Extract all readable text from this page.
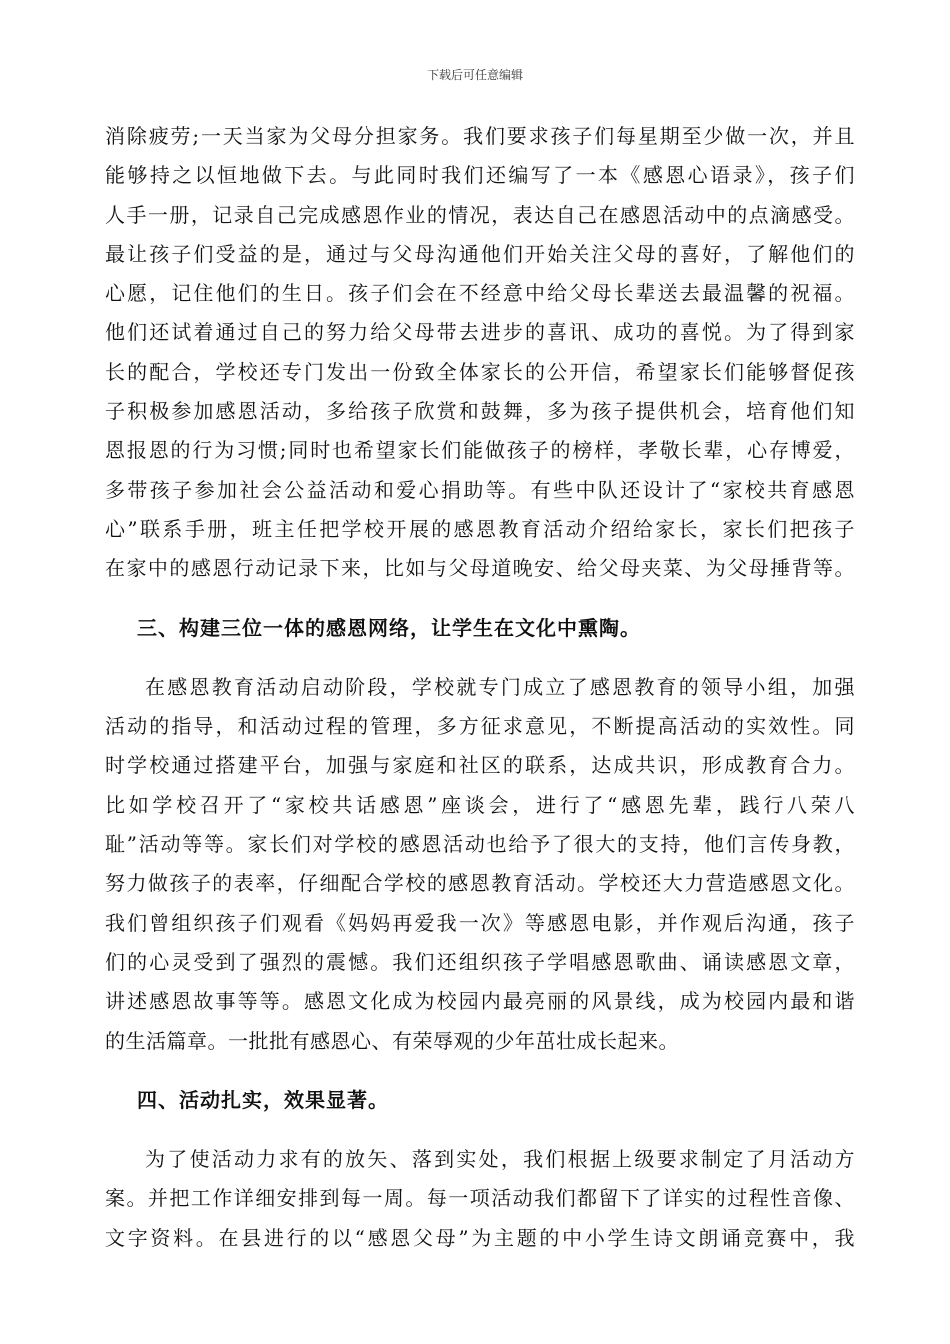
下载后可任意编辑
消除疲劳;一天当家为父母分担家务。我们要求孩子们每星期至少做一次，并且
能够持之以恒地做下去。与此同时我们还编写了一本《感恩心语录》，孩子们
人手一册，记录自己完成感恩作业的情况，表达自己在感恩活动中的点滴感受。
最让孩子们受益的是，通过与父母沟通他们开始关注父母的喜好，了解他们的
心愿，记住他们的生日。孩子们会在不经意中给父母长辈送去最温馨的祝福。
他们还试着通过自己的努力给父母带去进步的喜讯、成功的喜悦。为了得到家
长的配合，学校还专门发出一份致全体家长的公开信，希望家长们能够督促孩
子积极参加感恩活动，多给孩子欣赏和鼓舞，多为孩子提供机会，培育他们知
恩报恩的行为习惯;同时也希望家长们能做孩子的榜样，孝敬长辈，心存博爱，
多带孩子参加社会公益活动和爱心捐助等。有些中队还设计了“家校共育感恩
心”联系手册，班主任把学校开展的感恩教育活动介绍给家长，家长们把孩子
在家中的感恩行动记录下来，比如与父母道晚安、给父母夹菜、为父母捶背等。
三、构建三位一体的感恩网络，让学生在文化中熏陶。
在感恩教育活动启动阶段，学校就专门成立了感恩教育的领导小组，加强
活动的指导，和活动过程的管理，多方征求意见，不断提高活动的实效性。同
时学校通过搭建平台，加强与家庭和社区的联系，达成共识，形成教育合力。
比如学校召开了“家校共话感恩”座谈会，进行了“感恩先辈，践行八荣八
耻”活动等等。家长们对学校的感恩活动也给予了很大的支持，他们言传身教，
努力做孩子的表率，仔细配合学校的感恩教育活动。学校还大力营造感恩文化。
我们曾组织孩子们观看《妈妈再爱我一次》等感恩电影，并作观后沟通，孩子
们的心灵受到了强烈的震憾。我们还组织孩子学唱感恩歌曲、诵读感恩文章，
讲述感恩故事等等。感恩文化成为校园内最亮丽的风景线，成为校园内最和谐
的生活篇章。一批批有感恩心、有荣辱观的少年茁壮成长起来。
四、活动扎实，效果显著。
为了使活动力求有的放矢、落到实处，我们根据上级要求制定了月活动方
案。并把工作详细安排到每一周。每一项活动我们都留下了详实的过程性音像、
文字资料。在县进行的以“感恩父母”为主题的中小学生诗文朗诵竞赛中，我
